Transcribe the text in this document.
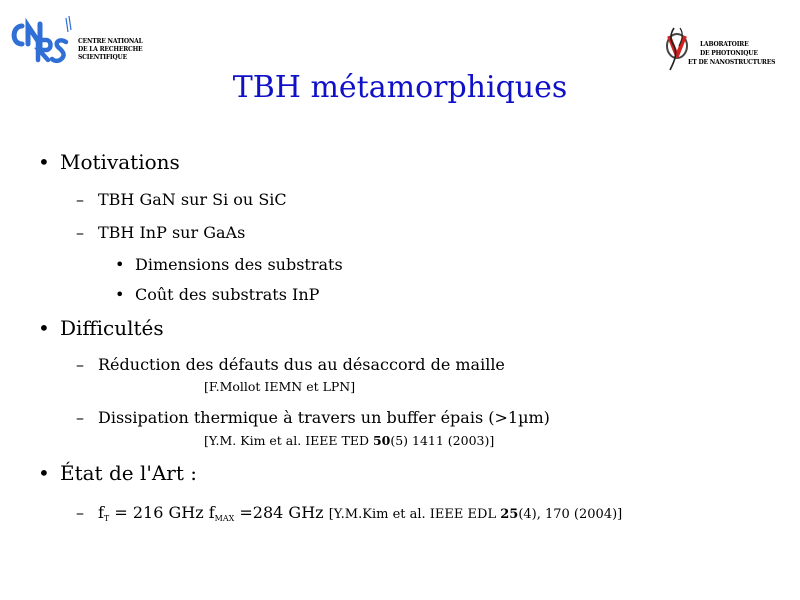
CENTRE NATIONAL
DE LA RECHERCHE
SCIENTIFIQUE
LABORATOIRE
DE PHOTONIQUE
ET DE NANOSTRUCTURES
TBH métamorphiques
• Motivations
– TBH GaN sur Si ou SiC
– TBH InP sur GaAs
• Dimensions des substrats
• Coût des substrats InP
• Difficultés
– Réduction des défauts dus au désaccord de maille
[F.Mollot IEMN et LPN]
– Dissipation thermique à travers un buffer épais (>1µm)
[Y.M. Kim et al. IEEE TED 50(5) 1411 (2003)]
• État de l'Art :
– $f_T = 216$ GHz $f_{MAX} =284$ GHz [Y.M.Kim et al. IEEE EDL 25(4), 170 (2004)]
